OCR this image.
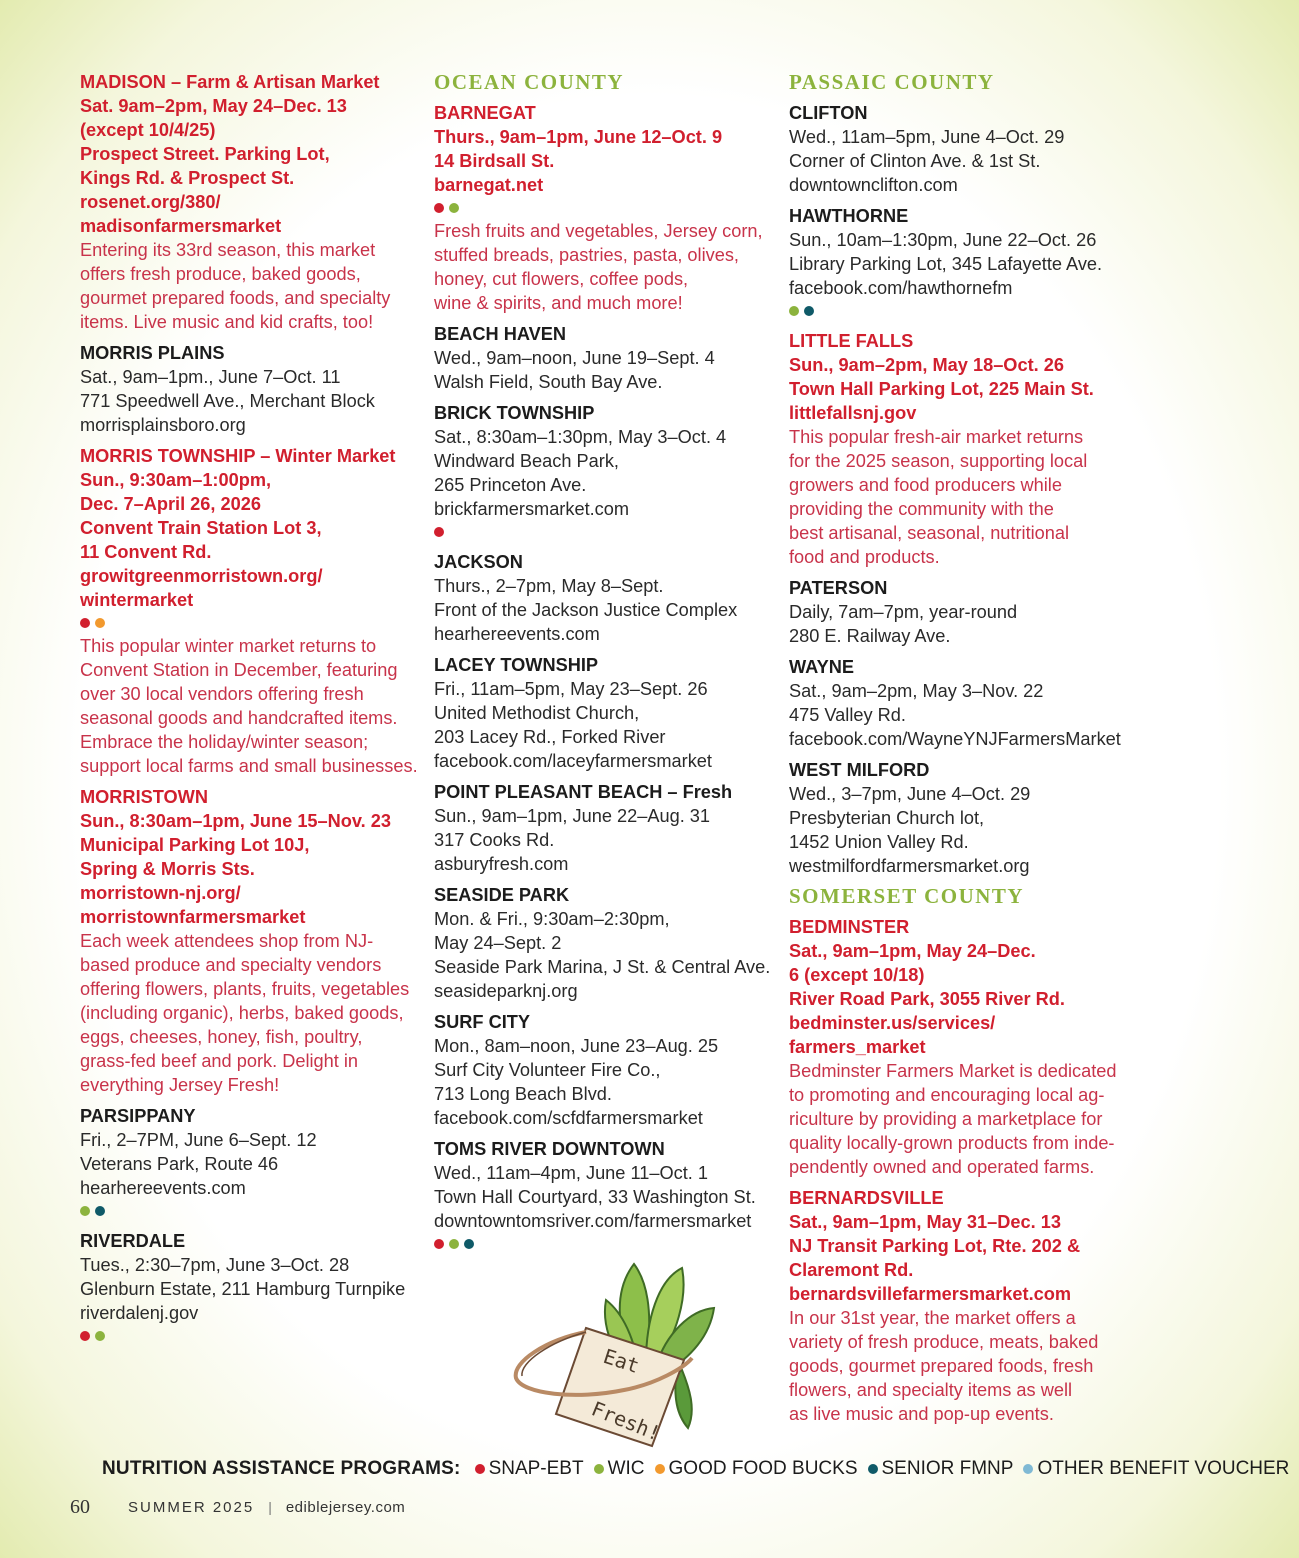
MADISON – Farm & Artisan Market
Sat. 9am–2pm, May 24–Dec. 13
(except 10/4/25)
Prospect Street. Parking Lot,
Kings Rd. & Prospect St.
rosenet.org/380/
madisonfarmersmarket
Entering its 33rd season, this market
offers fresh produce, baked goods,
gourmet prepared foods, and specialty
items. Live music and kid crafts, too!
MORRIS PLAINS
Sat., 9am–1pm., June 7–Oct. 11
771 Speedwell Ave., Merchant Block
morrisplainsboro.org
MORRIS TOWNSHIP – Winter Market
Sun., 9:30am–1:00pm,
Dec. 7–April 26, 2026
Convent Train Station Lot 3,
11 Convent Rd.
growitgreenmorristown.org/
wintermarket
This popular winter market returns to
Convent Station in December, featuring
over 30 local vendors offering fresh
seasonal goods and handcrafted items.
Embrace the holiday/winter season;
support local farms and small businesses.
MORRISTOWN
Sun., 8:30am–1pm, June 15–Nov. 23
Municipal Parking Lot 10J,
Spring & Morris Sts.
morristown-nj.org/
morristownfarmersmarket
Each week attendees shop from NJ-
based produce and specialty vendors
offering flowers, plants, fruits, vegetables
(including organic), herbs, baked goods,
eggs, cheeses, honey, fish, poultry,
grass-fed beef and pork. Delight in
everything Jersey Fresh!
PARSIPPANY
Fri., 2–7PM, June 6–Sept. 12
Veterans Park, Route 46
hearhereevents.com
RIVERDALE
Tues., 2:30–7pm, June 3–Oct. 28
Glenburn Estate, 211 Hamburg Turnpike
riverdalenj.gov
OCEAN COUNTY
BARNEGAT
Thurs., 9am–1pm, June 12–Oct. 9
14 Birdsall St.
barnegat.net
Fresh fruits and vegetables, Jersey corn,
stuffed breads, pastries, pasta, olives,
honey, cut flowers, coffee pods,
wine & spirits, and much more!
BEACH HAVEN
Wed., 9am–noon, June 19–Sept. 4
Walsh Field, South Bay Ave.
BRICK TOWNSHIP
Sat., 8:30am–1:30pm, May 3–Oct. 4
Windward Beach Park,
265 Princeton Ave.
brickfarmersmarket.com
JACKSON
Thurs., 2–7pm, May 8–Sept.
Front of the Jackson Justice Complex
hearhereevents.com
LACEY TOWNSHIP
Fri., 11am–5pm, May 23–Sept. 26
United Methodist Church,
203 Lacey Rd., Forked River
facebook.com/laceyfarmersmarket
POINT PLEASANT BEACH – Fresh
Sun., 9am–1pm, June 22–Aug. 31
317 Cooks Rd.
asburyfresh.com
SEASIDE PARK
Mon. & Fri., 9:30am–2:30pm,
May 24–Sept. 2
Seaside Park Marina, J St. & Central Ave.
seasideparknj.org
SURF CITY
Mon., 8am–noon, June 23–Aug. 25
Surf City Volunteer Fire Co.,
713 Long Beach Blvd.
facebook.com/scfdfarmersmarket
TOMS RIVER DOWNTOWN
Wed., 11am–4pm, June 11–Oct. 1
Town Hall Courtyard, 33 Washington St.
downtowntomsriver.com/farmersmarket
PASSAIC COUNTY
CLIFTON
Wed., 11am–5pm, June 4–Oct. 29
Corner of Clinton Ave. & 1st St.
downtownclifton.com
HAWTHORNE
Sun., 10am–1:30pm, June 22–Oct. 26
Library Parking Lot, 345 Lafayette Ave.
facebook.com/hawthornefm
LITTLE FALLS
Sun., 9am–2pm, May 18–Oct. 26
Town Hall Parking Lot, 225 Main St.
littlefallsnj.gov
This popular fresh-air market returns
for the 2025 season, supporting local
growers and food producers while
providing the community with the
best artisanal, seasonal, nutritional
food and products.
PATERSON
Daily, 7am–7pm, year-round
280 E. Railway Ave.
WAYNE
Sat., 9am–2pm, May 3–Nov. 22
475 Valley Rd.
facebook.com/WayneYNJFarmersMarket
WEST MILFORD
Wed., 3–7pm, June 4–Oct. 29
Presbyterian Church lot,
1452 Union Valley Rd.
westmilfordfarmersmarket.org
SOMERSET COUNTY
BEDMINSTER
Sat., 9am–1pm, May 24–Dec.
6 (except 10/18)
River Road Park, 3055 River Rd.
bedminster.us/services/
farmers_market
Bedminster Farmers Market is dedicated
to promoting and encouraging local ag-
riculture by providing a marketplace for
quality locally-grown products from inde-
pendently owned and operated farms.
BERNARDSVILLE
Sat., 9am–1pm, May 31–Dec. 13
NJ Transit Parking Lot, Rte. 202 &
Claremont Rd.
bernardsvillefarmersmarket.com
In our 31st year, the market offers a
variety of fresh produce, meats, baked
goods, gourmet prepared foods, fresh
flowers, and specialty items as well
as live music and pop-up events.
Eat
Fresh!
NUTRITION ASSISTANCE PROGRAMS: SNAP-EBT WIC GOOD FOOD BUCKS SENIOR FMNP OTHER BENEFIT VOUCHER
60	SUMMER 2025 | ediblejersey.com
